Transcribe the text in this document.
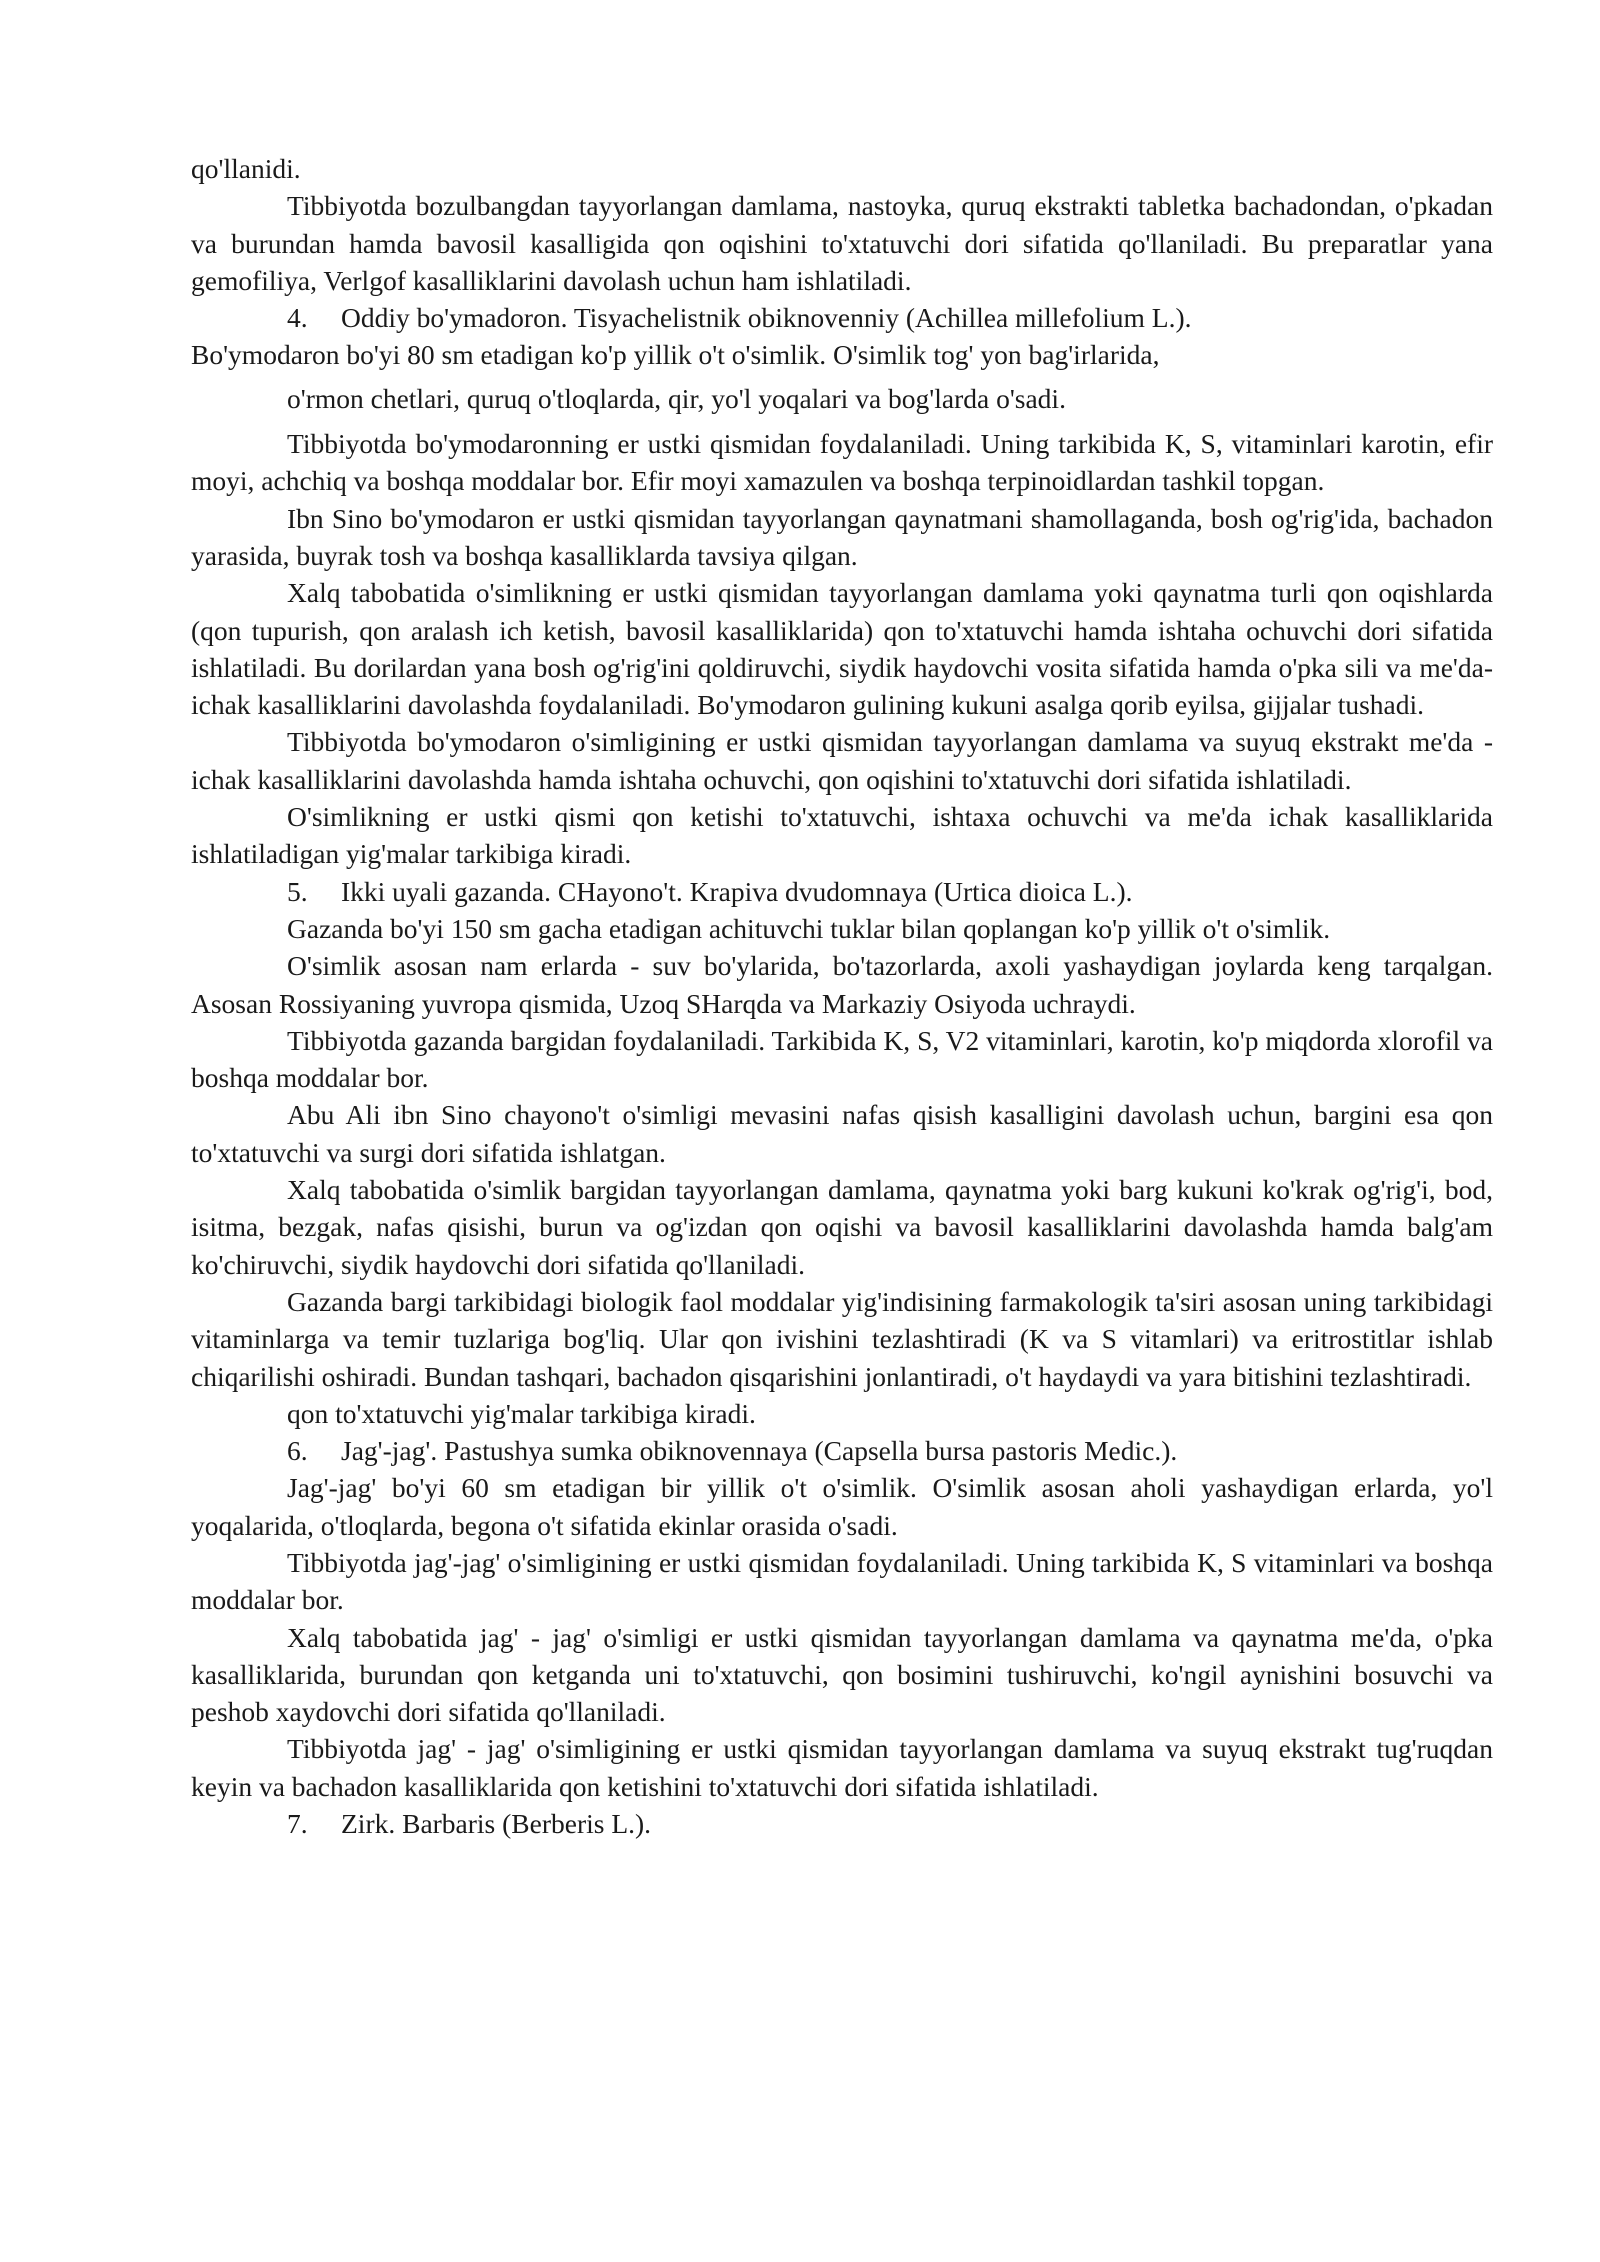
qo'llanidi.

Tibbiyotda bozulbangdan tayyorlangan damlama, nastoyka, quruq ekstrakti tabletka bachadondan, o'pkadan va burundan hamda bavosil kasalligida qon oqishini to'xtatuvchi dori sifatida qo'llaniladi. Bu preparatlar yana gemofiliya, Verlgof kasalliklarini davolash uchun ham ishlatiladi.

4. Oddiy bo'ymadoron. Tisyachelistnik obiknovenniy (Achillea millefolium L.).

Bo'ymodaron bo'yi 80 sm etadigan ko'p yillik o't o'simlik. O'simlik tog' yon bag'irlarida,

o'rmon chetlari, quruq o'tloqlarda, qir, yo'l yoqalari va bog'larda o'sadi.

Tibbiyotda bo'ymodaronning er ustki qismidan foydalaniladi. Uning tarkibida K, S, vitaminlari karotin, efir moyi, achchiq va boshqa moddalar bor. Efir moyi xamazulen va boshqa terpinoidlardan tashkil topgan.

Ibn Sino bo'ymodaron er ustki qismidan tayyorlangan qaynatmani shamollaganda, bosh og'rig'ida, bachadon yarasida, buyrak tosh va boshqa kasalliklarda tavsiya qilgan.

Xalq tabobatida o'simlikning er ustki qismidan tayyorlangan damlama yoki qaynatma turli qon oqishlarda (qon tupurish, qon aralash ich ketish, bavosil kasalliklarida) qon to'xtatuvchi hamda ishtaha ochuvchi dori sifatida ishlatiladi. Bu dorilardan yana bosh og'rig'ini qoldiruvchi, siydik haydovchi vosita sifatida hamda o'pka sili va me'da- ichak kasalliklarini davolashda foydalaniladi. Bo'ymodaron gulining kukuni asalga qorib eyilsa, gijjalar tushadi.

Tibbiyotda bo'ymodaron o'simligining er ustki qismidan tayyorlangan damlama va suyuq ekstrakt me'da -ichak kasalliklarini davolashda hamda ishtaha ochuvchi, qon oqishini to'xtatuvchi dori sifatida ishlatiladi.

O'simlikning er ustki qismi qon ketishi to'xtatuvchi, ishtaxa ochuvchi va me'da ichak kasalliklarida ishlatiladigan yig'malar tarkibiga kiradi.

5. Ikki uyali gazanda. CHayono't. Krapiva dvudomnaya (Urtica dioica L.).

Gazanda bo'yi 150 sm gacha etadigan achituvchi tuklar bilan qoplangan ko'p yillik o't o'simlik.

O'simlik asosan nam erlarda - suv bo'ylarida, bo'tazorlarda, axoli yashaydigan joylarda keng tarqalgan. Asosan Rossiyaning yuvropa qismida, Uzoq SHarqda va Markaziy Osiyoda uchraydi.

Tibbiyotda gazanda bargidan foydalaniladi. Tarkibida K, S, V2 vitaminlari, karotin, ko'p miqdorda xlorofil va boshqa moddalar bor.

Abu Ali ibn Sino chayono't o'simligi mevasini nafas qisish kasalligini davolash uchun, bargini esa qon to'xtatuvchi va surgi dori sifatida ishlatgan.

Xalq tabobatida o'simlik bargidan tayyorlangan damlama, qaynatma yoki barg kukuni ko'krak og'rig'i, bod, isitma, bezgak, nafas qisishi, burun va og'izdan qon oqishi va bavosil kasalliklarini davolashda hamda balg'am ko'chiruvchi, siydik haydovchi dori sifatida qo'llaniladi.

Gazanda bargi tarkibidagi biologik faol moddalar yig'indisining farmakologik ta'siri asosan uning tarkibidagi vitaminlarga va temir tuzlariga bog'liq. Ular qon ivishini tezlashtiradi (K va S vitamlari) va eritrostitlar ishlab chiqarilishi oshiradi. Bundan tashqari, bachadon qisqarishini jonlantiradi, o't haydaydi va yara bitishini tezlashtiradi.

qon to'xtatuvchi yig'malar tarkibiga kiradi.

6. Jag'-jag'. Pastushya sumka obiknovennaya (Capsella bursa pastoris Medic.).

Jag'-jag' bo'yi 60 sm etadigan bir yillik o't o'simlik. O'simlik asosan aholi yashaydigan erlarda, yo'l yoqalarida, o'tloqlarda, begona o't sifatida ekinlar orasida o'sadi.

Tibbiyotda jag'-jag' o'simligining er ustki qismidan foydalaniladi. Uning tarkibida K, S vitaminlari va boshqa moddalar bor.

Xalq tabobatida jag' - jag' o'simligi er ustki qismidan tayyorlangan damlama va qaynatma me'da, o'pka kasalliklarida, burundan qon ketganda uni to'xtatuvchi, qon bosimini tushiruvchi, ko'ngil aynishini bosuvchi va peshob xaydovchi dori sifatida qo'llaniladi.

Tibbiyotda jag' - jag' o'simligining er ustki qismidan tayyorlangan damlama va suyuq ekstrakt tug'ruqdan keyin va bachadon kasalliklarida qon ketishini to'xtatuvchi dori sifatida ishlatiladi.

7. Zirk. Barbaris (Berberis L.).
